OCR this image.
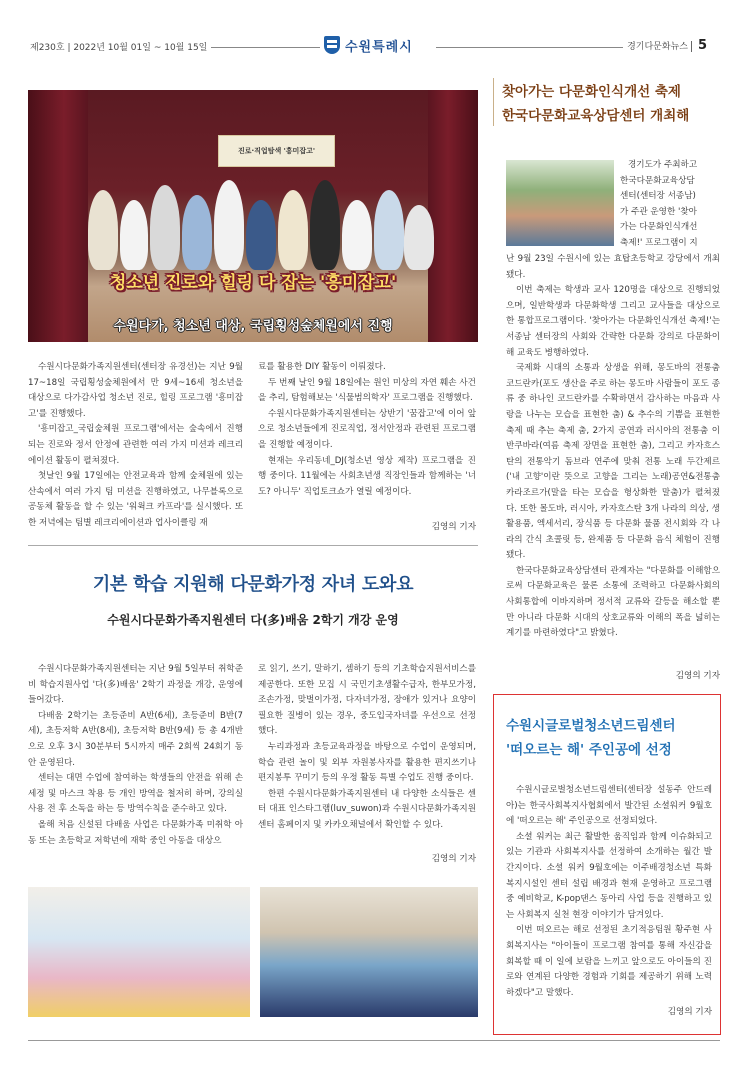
제230호 | 2022년 10월 01일 ~ 10월 15일	수원특례시	경기다문화뉴스 5
진로·직업탐색 '흥미잡고'
청소년 진로와 힐링 다 잡는 '흥미잡고'
수원다가, 청소년 대상, 국립횡성숲체원에서 진행

수원시다문화가족지원센터(센터장 유경선)는 지난 9월 17~18일 국립횡성숲체원에서 만 9세~16세 청소년을 대상으로 다가감사업 청소년 진로, 힐링 프로그램 '흥미잡고'를 진행했다.

'흥미잡고_국립숲체원 프로그램'에서는 숲속에서 진행되는 진로와 정서 안정에 관련한 여러 가지 미션과 레크리에이션 활동이 펼쳐졌다.

첫날인 9월 17일에는 안전교육과 함께 숲체원에 있는 산속에서 여러 가지 팀 미션을 진행하였고, 나무블록으로 공동체 활동을 할 수 있는 '워윅크 카프라'를 실시했다. 또한 저녁에는 팀별 레크리에이션과 업사이클링 재

료를 활용한 DIY 활동이 이뤄졌다.

두 번째 날인 9월 18일에는 원인 미상의 자연 훼손 사건을 추리, 탐험해보는 '식물범의학자' 프로그램을 진행했다.

수원시다문화가족지원센터는 상반기 '꿈잡고'에 이어 앞으로 청소년들에게 진로직업, 정서안정과 관련된 프로그램을 진행할 예정이다.

현재는 우리동네_DJ(청소년 영상 제작) 프로그램을 진행 중이다. 11월에는 사회초년생 직장인들과 함께하는 '너도? 아니두' 직업토크쇼가 열릴 예정이다.

김영의 기자
기본 학습 지원해 다문화가정 자녀 도와요
수원시다문화가족지원센터 다(多)배움 2학기 개강 운영

수원시다문화가족지원센터는 지난 9월 5일부터 취학준비 학습지원사업 '다(多)배움' 2학기 과정을 개강, 운영에 들어갔다.

다배움 2학기는 초등준비 A반(6세), 초등준비 B반(7세), 초등저학 A반(8세), 초등저학 B반(9세) 등 총 4개반으로 오후 3시 30분부터 5시까지 매주 2회씩 24회기 동안 운영된다.

센터는 대면 수업에 참여하는 학생들의 안전을 위해 손 세정 및 마스크 착용 등 개인 방역을 철저히 하며, 강의실 사용 전 후 소독을 하는 등 방역수칙을 준수하고 있다.

올해 처음 신설된 다배움 사업은 다문화가족 미취학 아동 또는 초등학교 저학년에 재학 중인 아동을 대상으

로 읽기, 쓰기, 말하기, 셈하기 등의 기초학습지원서비스를 제공한다. 또한 모집 시 국민기초생활수급자, 한부모가정, 조손가정, 맞벌이가정, 다자녀가정, 장애가 있거나 요양이 필요한 질병이 있는 경우, 중도입국자녀를 우선으로 선정했다.

누리과정과 초등교육과정을 바탕으로 수업이 운영되며, 학습 관련 놀이 및 외부 자원봉사자를 활용한 편지쓰기나 편지봉투 꾸미기 등의 우정 활동 특별 수업도 진행 중이다.

한편 수원시다문화가족지원센터 내 다양한 소식들은 센터 대표 인스타그램(luv_suwon)과 수원시다문화가족지원센터 홈페이지 및 카카오채널에서 확인할 수 있다.

김영의 기자
찾아가는 다문화인식개선 축제
한국다문화교육상담센터 개최해
경기도가 주최하고
한국다문화교육상담
센터(센터장 서종남)
가 주관 운영한 '찾아
가는 다문화인식개선
축제!' 프로그램이 지

난 9월 23일 수원시에 있는 효탑초등학교 강당에서 개최됐다.

이번 축제는 학생과 교사 120명을 대상으로 진행되었으며, 일반학생과 다문화학생 그리고 교사들을 대상으로 한 통합프로그램이다. '찾아가는 다문화인식개선 축제!'는 서종남 센터장의 사회와 간략한 다문화 강의로 다문화이해 교육도 병행하였다.

국제화 시대의 소통과 상생을 위해, 몽도바의 전통춤 코드란카(포도 생산을 주로 하는 몽도바 사람들이 포도 종류 중 하나인 코드란카를 수확하면서 감사하는 마음과 사랑을 나누는 모습을 표현한 춤) & 추수의 기쁨을 표현한 축제 때 추는 축제 춤, 2가지 공연과 러시아의 전통춤 이반쿠바라(여름 축제 장면을 표현한 춤), 그리고 카자흐스탄의 전통악기 돔브라 연주에 맞춰 전통 노래 두간제르('내 고향'이란 뜻으로 고향을 그리는 노래)공연&전통춤 카라조르가(말을 타는 모습을 형상화한 말춤)가 펼쳐졌다. 또한 몰도바, 러시아, 카자흐스탄 3개 나라의 의상, 생활용품, 엑세서리, 장식품 등 다문화 물품 전시회와 각 나라의 간식 초콜릿 등, 완제품 등 다문화 음식 체험이 진행됐다.

한국다문화교육상담센터 관계자는 "다문화를 이해함으로써 다문화교육은 물론 소통에 조력하고 다문화사회의 사회통합에 이바지하며 정서적 교류와 갈등을 해소할 뿐만 아니라 다문화 시대의 상호교류와 이해의 폭을 넓히는 계기를 마련하였다"고 밝혔다.

김영의 기자
수원시글로벌청소년드림센터
'떠오르는 해' 주인공에 선정

수원시글로벌청소년드림센터(센터장 설동주 안드레아)는 한국사회복지사협회에서 발간된 소셜워커 9월호에 '떠오르는 해' 주인공으로 선정되었다.

소셜 워커는 최근 활발한 움직임과 함께 이슈화되고 있는 기관과 사회복지사를 선정하여 소개하는 월간 발간지이다. 소셜 워커 9월호에는 이주배경청소년 특화 복지시설인 센터 설립 배경과 현재 운영하고 프로그램 중 예비학교, K-pop댄스 동아리 사업 등을 진행하고 있는 사회복지 실천 현장 이야기가 담겨있다.

이번 떠오르는 해로 선정된 초기적응팀원 황주현 사회복지사는 "아이들이 프로그램 참여를 통해 자신감을 회복할 때 이 일에 보람을 느끼고 앞으로도 아이들의 진로와 연계된 다양한 경험과 기회를 제공하기 위해 노력하겠다"고 말했다.

김영의 기자
